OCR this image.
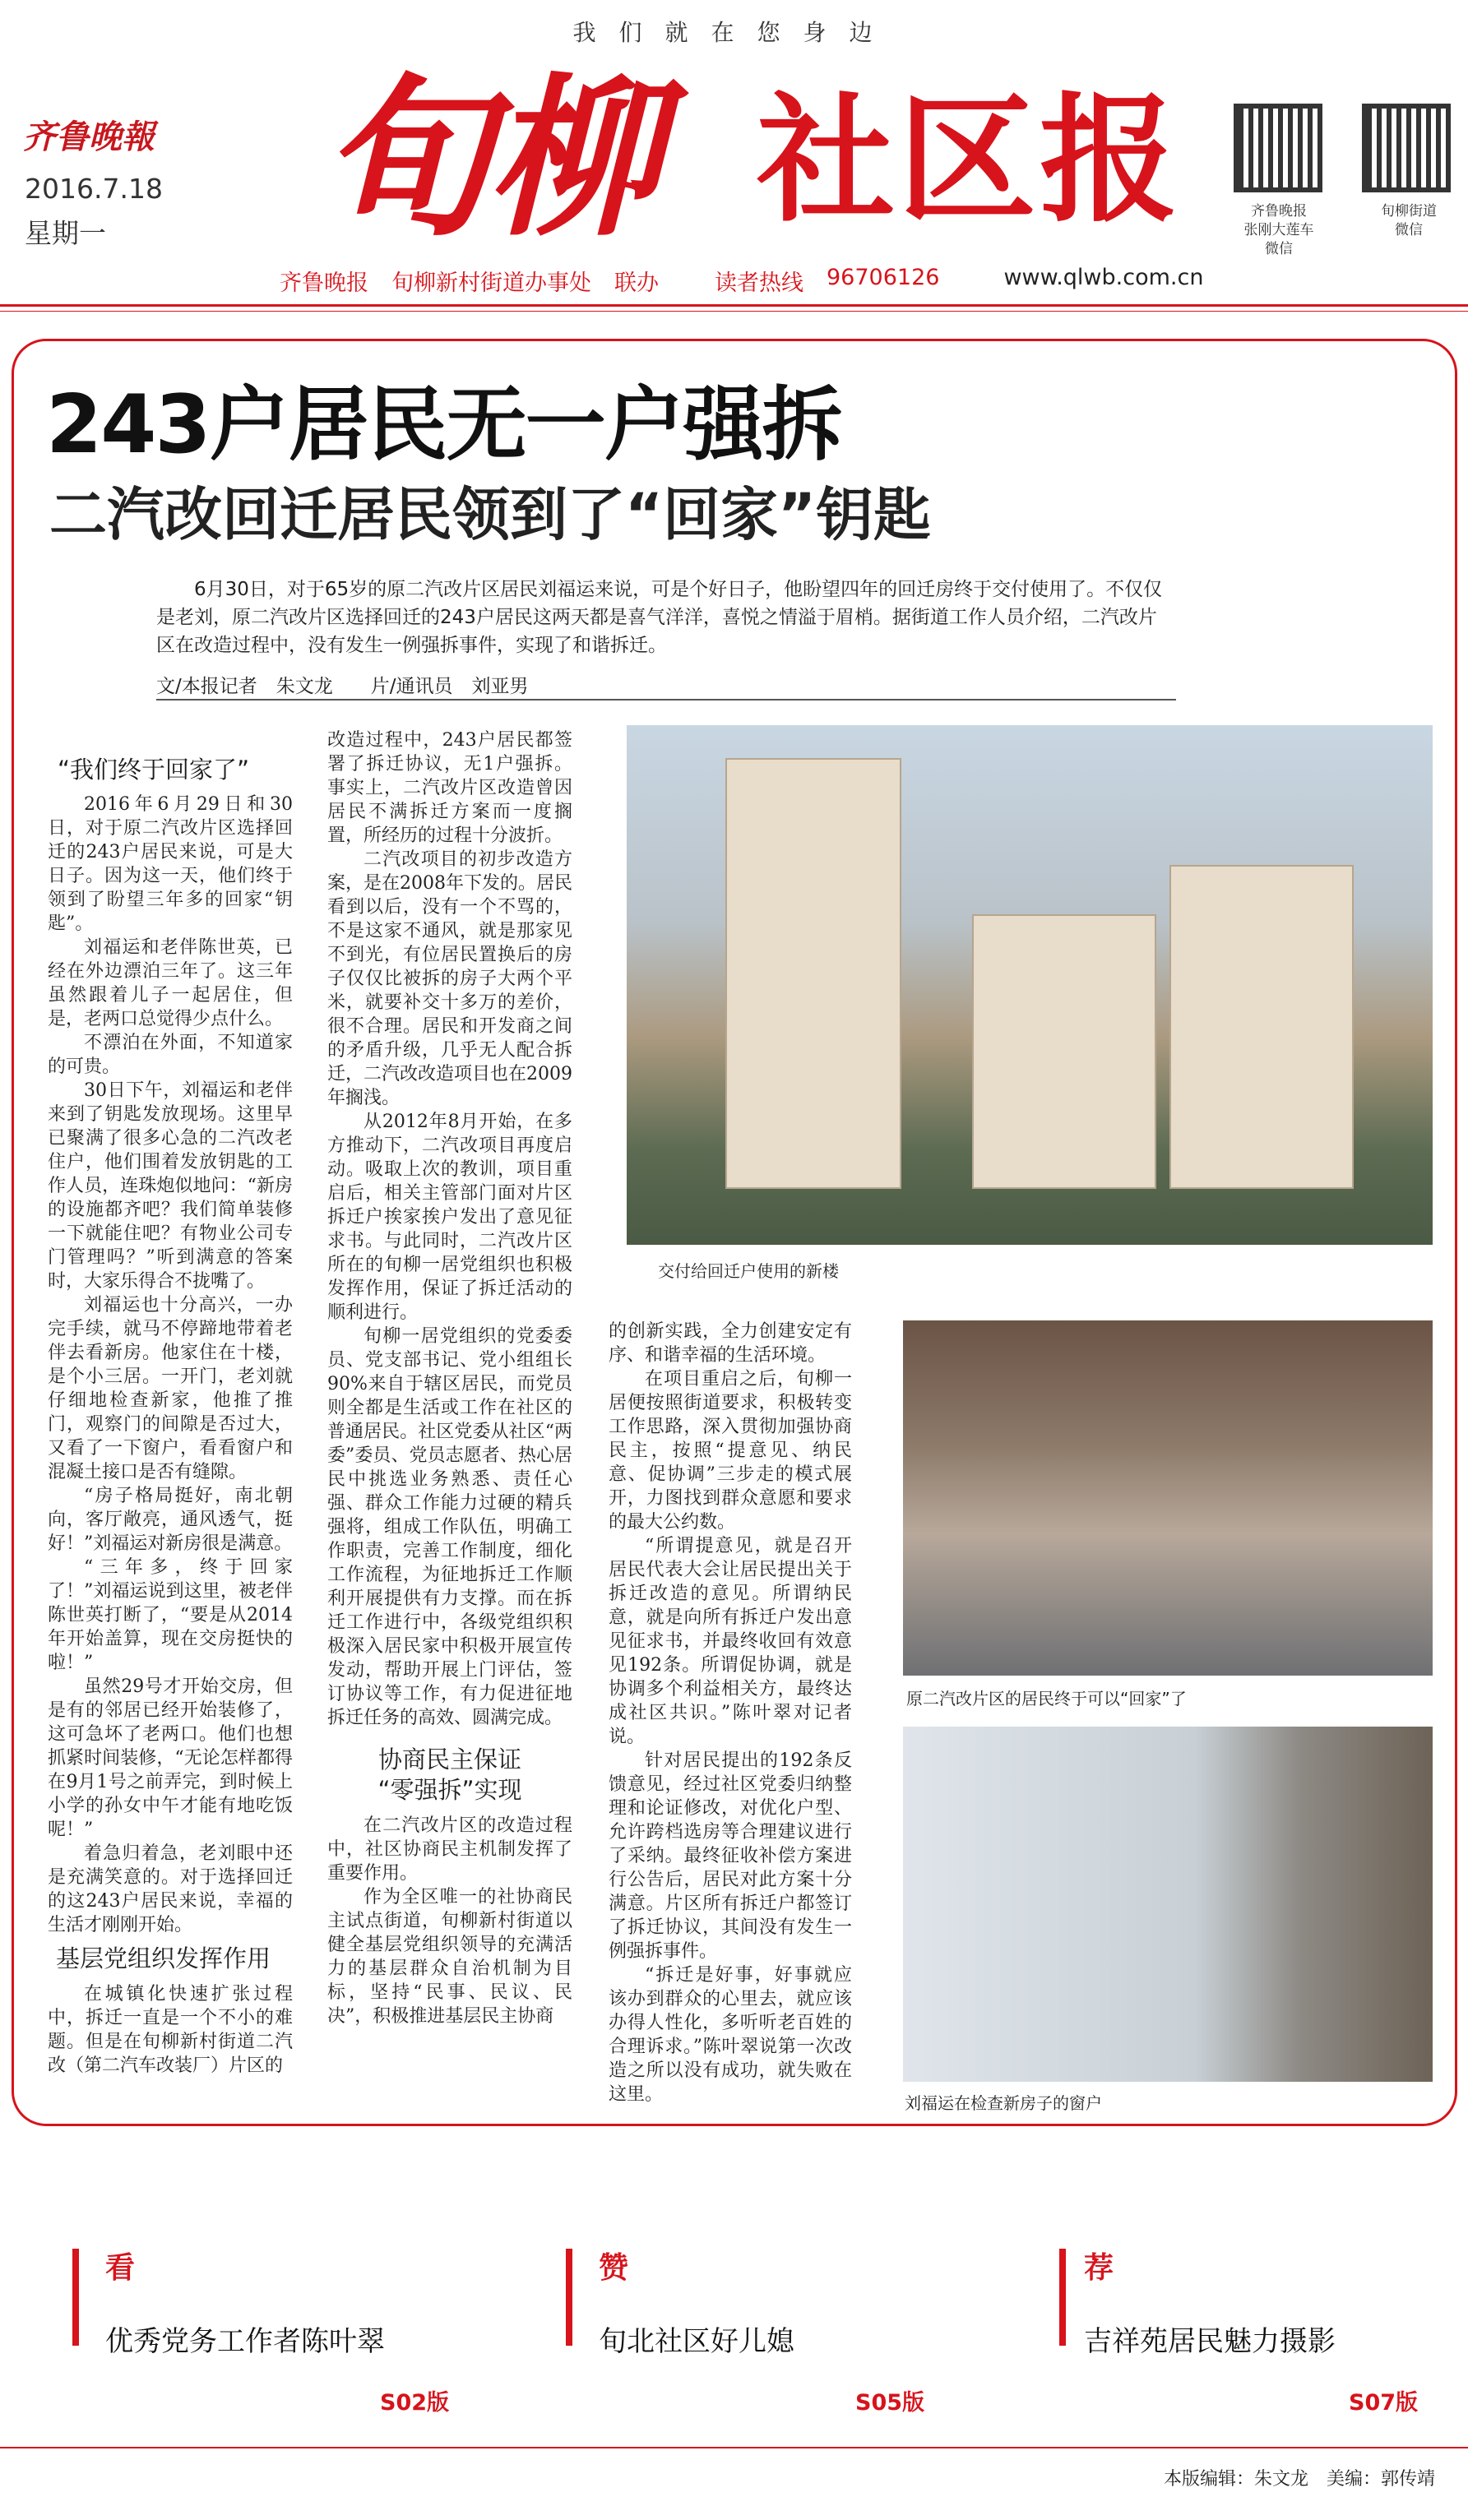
我们就在您身边
齐鲁晚報
2016.7.18
星期一 旬柳 社区报	齐鲁晚报
张刚大莲车
微信
旬柳街道
微信
齐鲁晚报 旬柳新村街道办事处 联办	读者热线 96706126	www.qlwb.com.cn
243户居民无一户强拆
二汽改回迁居民领到了“回家”钥匙
6月30日，对于65岁的原二汽改片区居民刘福运来说，可是个好日子，他盼望四年的回迁房终于交付使用了。不仅仅是老刘，原二汽改片区选择回迁的243户居民这两天都是喜气洋洋，喜悦之情溢于眉梢。据街道工作人员介绍，二汽改片区在改造过程中，没有发生一例强拆事件，实现了和谐拆迁。
文/本报记者　朱文龙　　片/通讯员　刘亚男
“我们终于回家了”

2016年6月29日和30日，对于原二汽改片区选择回迁的243户居民来说，可是大日子。因为这一天，他们终于领到了盼望三年多的回家“钥匙”。

刘福运和老伴陈世英，已经在外边漂泊三年了。这三年虽然跟着儿子一起居住，但是，老两口总觉得少点什么。

不漂泊在外面，不知道家的可贵。

30日下午，刘福运和老伴来到了钥匙发放现场。这里早已聚满了很多心急的二汽改老住户，他们围着发放钥匙的工作人员，连珠炮似地问：“新房的设施都齐吧？我们简单装修一下就能住吧？有物业公司专门管理吗？”听到满意的答案时，大家乐得合不拢嘴了。

刘福运也十分高兴，一办完手续，就马不停蹄地带着老伴去看新房。他家住在十楼，是个小三居。一开门，老刘就仔细地检查新家，他推了推门，观察门的间隙是否过大，又看了一下窗户，看看窗户和混凝土接口是否有缝隙。

“房子格局挺好，南北朝向，客厅敞亮，通风透气，挺好！”刘福运对新房很是满意。

“三年多，终于回家了！”刘福运说到这里，被老伴陈世英打断了，“要是从2014年开始盖算，现在交房挺快的啦！”

虽然29号才开始交房，但是有的邻居已经开始装修了，这可急坏了老两口。他们也想抓紧时间装修，“无论怎样都得在9月1号之前弄完，到时候上小学的孙女中午才能有地吃饭呢！”

着急归着急，老刘眼中还是充满笑意的。对于选择回迁的这243户居民来说，幸福的生活才刚刚开始。

基层党组织发挥作用

在城镇化快速扩张过程中，拆迁一直是一个不小的难题。但是在旬柳新村街道二汽改（第二汽车改装厂）片区的

改造过程中，243户居民都签署了拆迁协议，无1户强拆。事实上，二汽改片区改造曾因居民不满拆迁方案而一度搁置，所经历的过程十分波折。

二汽改项目的初步改造方案，是在2008年下发的。居民看到以后，没有一个不骂的，不是这家不通风，就是那家见不到光，有位居民置换后的房子仅仅比被拆的房子大两个平米，就要补交十多万的差价，很不合理。居民和开发商之间的矛盾升级，几乎无人配合拆迁，二汽改改造项目也在2009年搁浅。

从2012年8月开始，在多方推动下，二汽改项目再度启动。吸取上次的教训，项目重启后，相关主管部门面对片区拆迁户挨家挨户发出了意见征求书。与此同时，二汽改片区所在的旬柳一居党组织也积极发挥作用，保证了拆迁活动的顺利进行。

旬柳一居党组织的党委委员、党支部书记、党小组组长90%来自于辖区居民，而党员则全都是生活或工作在社区的普通居民。社区党委从社区“两委”委员、党员志愿者、热心居民中挑选业务熟悉、责任心强、群众工作能力过硬的精兵强将，组成工作队伍，明确工作职责，完善工作制度，细化工作流程，为征地拆迁工作顺利开展提供有力支撑。而在拆迁工作进行中，各级党组织积极深入居民家中积极开展宣传发动，帮助开展上门评估，签订协议等工作，有力促进征地拆迁任务的高效、圆满完成。

协商民主保证
“零强拆”实现

在二汽改片区的改造过程中，社区协商民主机制发挥了重要作用。

作为全区唯一的社协商民主试点街道，旬柳新村街道以健全基层党组织领导的充满活力的基层群众自治机制为目标，坚持“民事、民议、民决”，积极推进基层民主协商

的创新实践，全力创建安定有序、和谐幸福的生活环境。

在项目重启之后，旬柳一居便按照街道要求，积极转变工作思路，深入贯彻加强协商民主，按照“提意见、纳民意、促协调”三步走的模式展开，力图找到群众意愿和要求的最大公约数。

“所谓提意见，就是召开居民代表大会让居民提出关于拆迁改造的意见。所谓纳民意，就是向所有拆迁户发出意见征求书，并最终收回有效意见192条。所谓促协调，就是协调多个利益相关方，最终达成社区共识。”陈叶翠对记者说。

针对居民提出的192条反馈意见，经过社区党委归纳整理和论证修改，对优化户型、允许跨档选房等合理建议进行了采纳。最终征收补偿方案进行公告后，居民对此方案十分满意。片区所有拆迁户都签订了拆迁协议，其间没有发生一例强拆事件。

“拆迁是好事，好事就应该办到群众的心里去，就应该办得人性化，多听听老百姓的合理诉求。”陈叶翠说第一次改造之所以没有成功，就失败在这里。

交付给回迁户使用的新楼
原二汽改片区的居民终于可以“回家”了
刘福运在检查新房子的窗户
看	赞	荐
优秀党务工作者陈叶翠	旬北社区好儿媳	吉祥苑居民魅力摄影
S02版	S05版	S07版
本版编辑：朱文龙　美编：郭传靖
